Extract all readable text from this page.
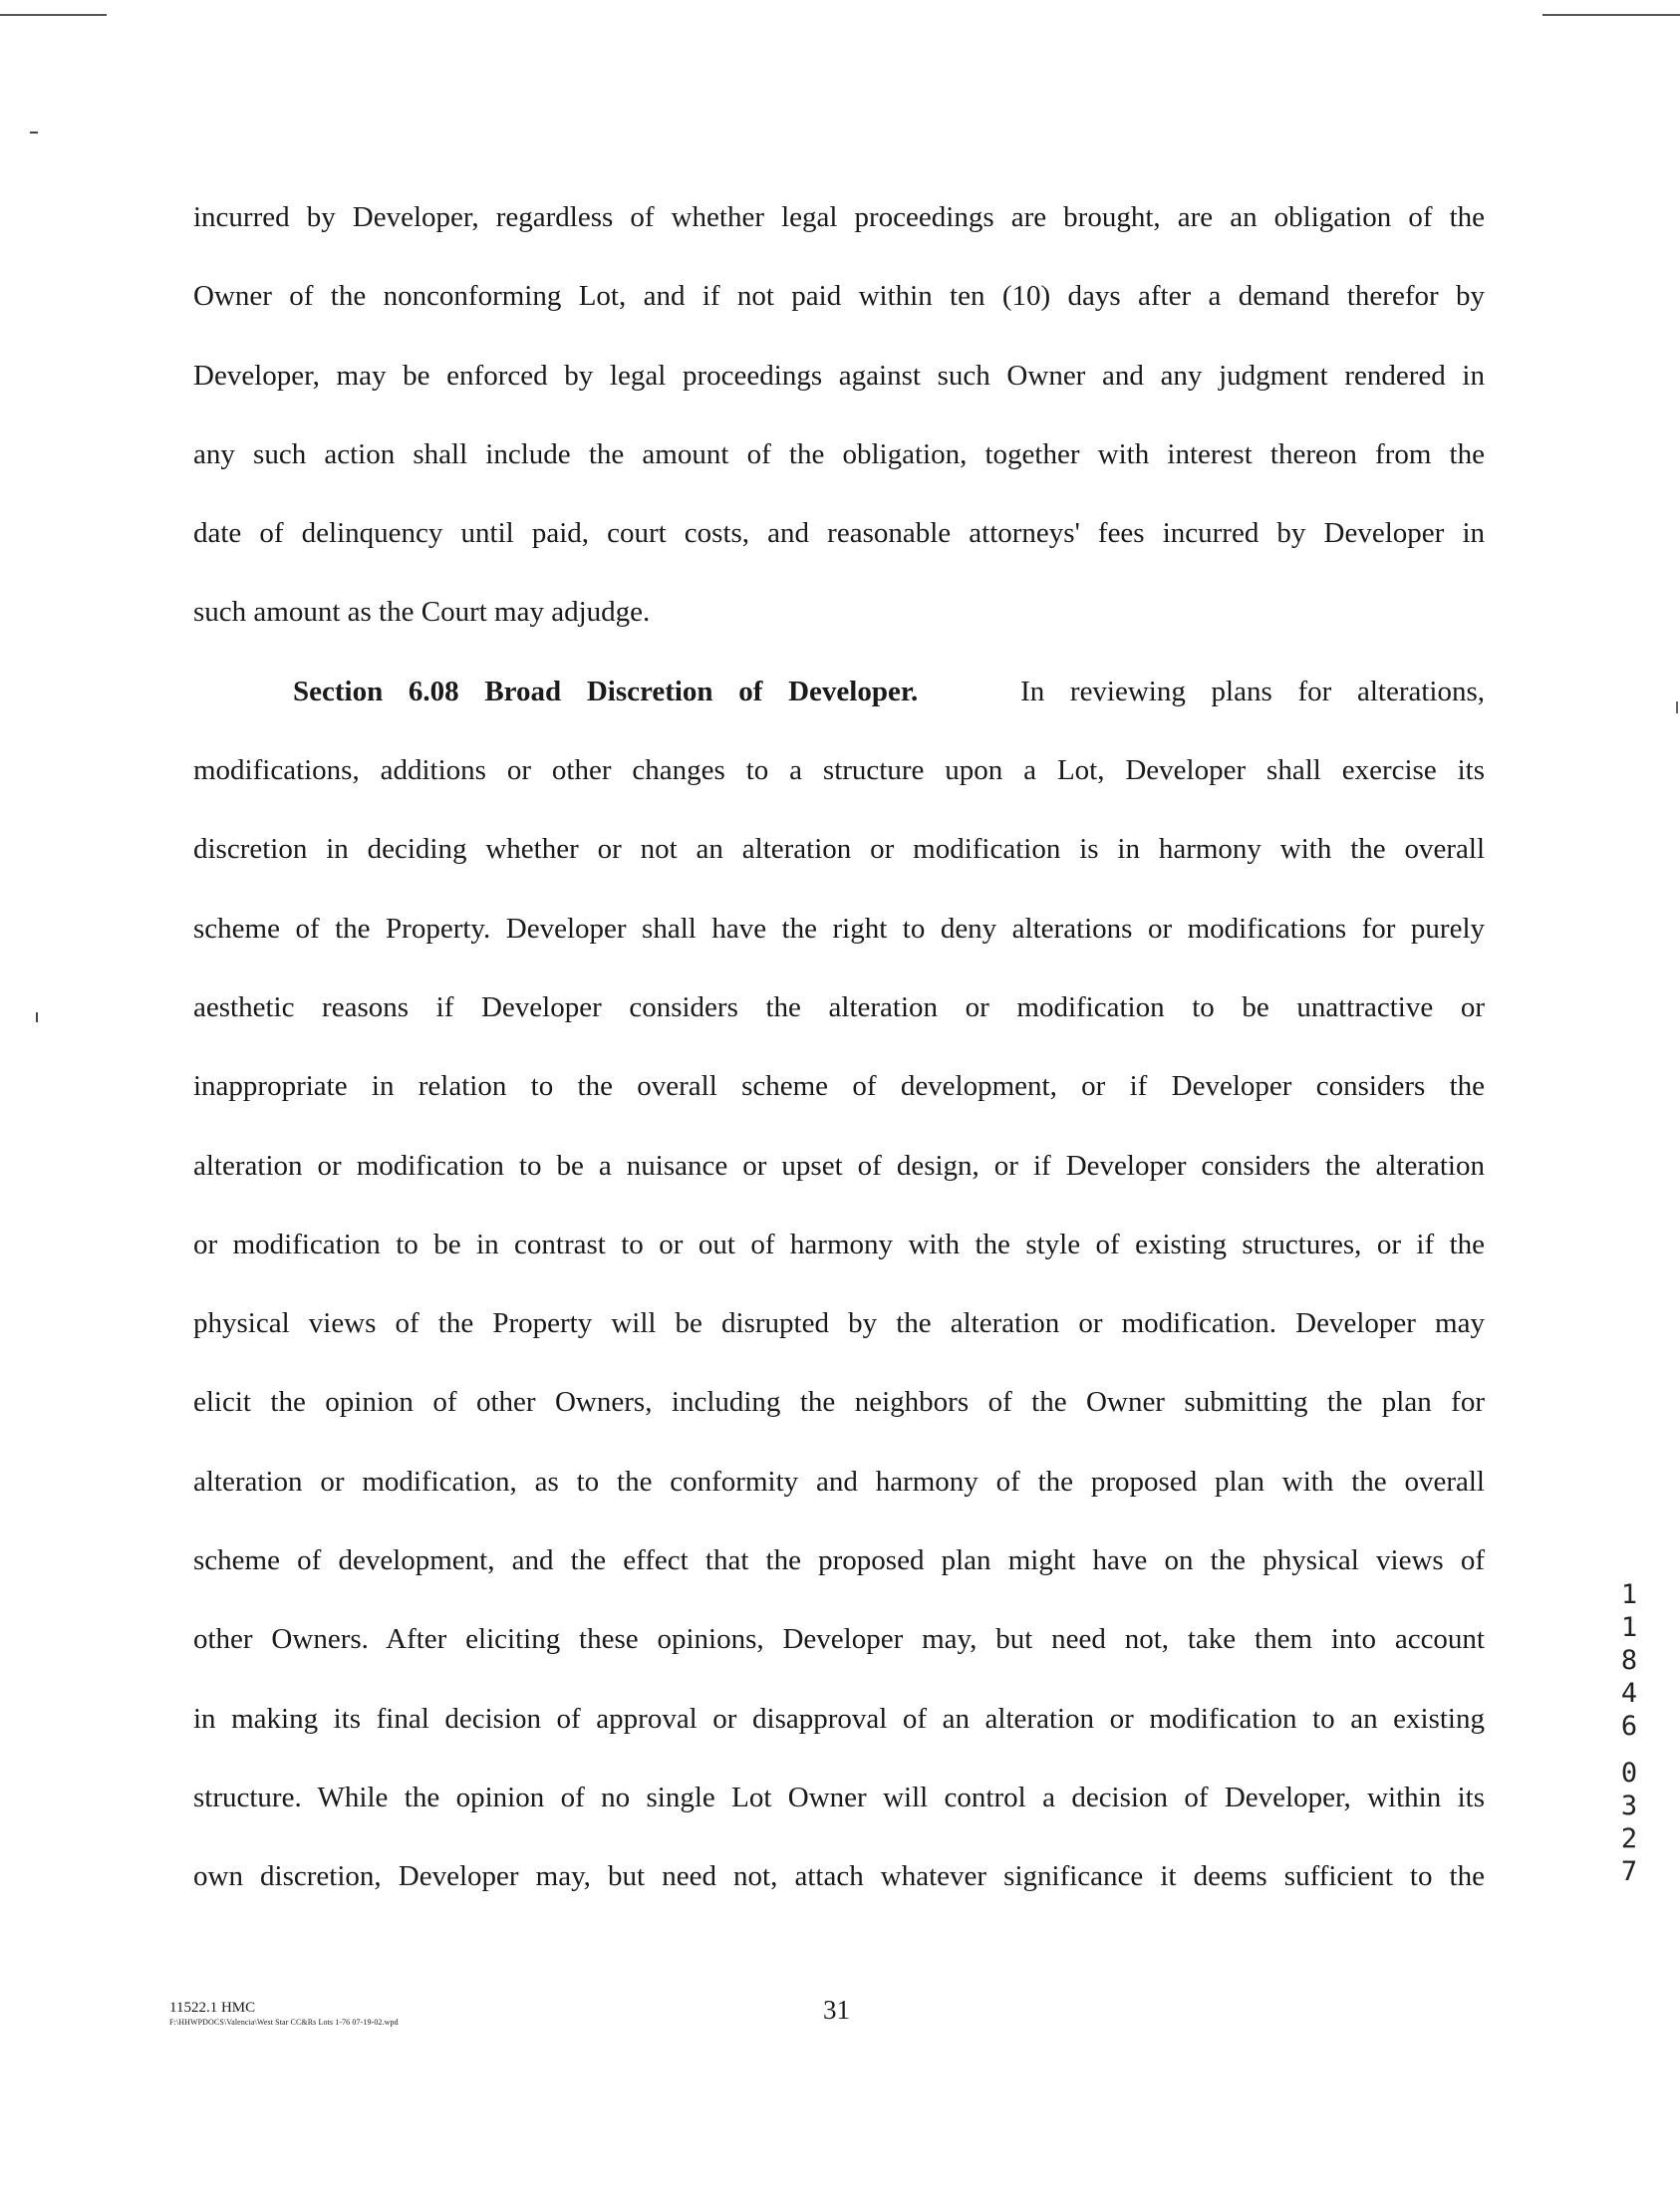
incurred by Developer, regardless of whether legal proceedings are brought, are an obligation of the
Owner of the nonconforming Lot, and if not paid within ten (10) days after a demand therefor by
Developer, may be enforced by legal proceedings against such Owner and any judgment rendered in
any such action shall include the amount of the obligation, together with interest thereon from the
date of delinquency until paid, court costs, and reasonable attorneys' fees incurred by Developer in
such amount as the Court may adjudge.
Section 6.08 Broad Discretion of Developer.	In reviewing plans for alterations,
modifications, additions or other changes to a structure upon a Lot, Developer shall exercise its
discretion in deciding whether or not an alteration or modification is in harmony with the overall
scheme of the Property. Developer shall have the right to deny alterations or modifications for purely
aesthetic reasons if Developer considers the alteration or modification to be unattractive or
inappropriate in relation to the overall scheme of development, or if Developer considers the
alteration or modification to be a nuisance or upset of design, or if Developer considers the alteration
or modification to be in contrast to or out of harmony with the style of existing structures, or if the
physical views of the Property will be disrupted by the alteration or modification. Developer may
elicit the opinion of other Owners, including the neighbors of the Owner submitting the plan for
alteration or modification, as to the conformity and harmony of the proposed plan with the overall
scheme of development, and the effect that the proposed plan might have on the physical views of
other Owners. After eliciting these opinions, Developer may, but need not, take them into account
in making its final decision of approval or disapproval of an alteration or modification to an existing
structure. While the opinion of no single Lot Owner will control a decision of Developer, within its
own discretion, Developer may, but need not, attach whatever significance it deems sufficient to the
1
1
8
4
6
0
3
2
7
11522.1 HMC
F:\HHWPDOCS\Valencia\West Star CC&Rs Lots 1-76 07-19-02.wpd	31
